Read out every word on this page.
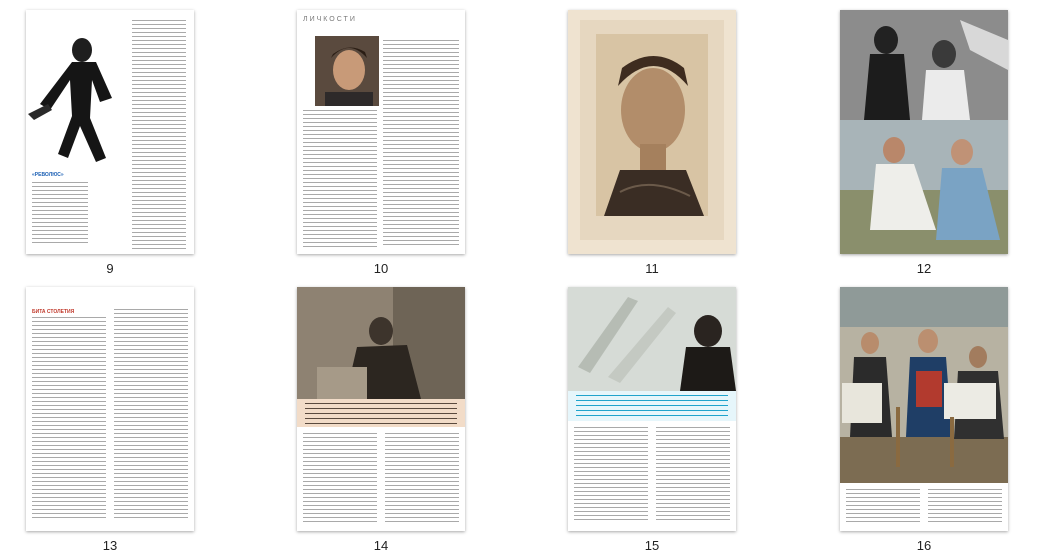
«РЕВОЛЮС»
9
ЛИЧКОСТИ
10	11	12
БИТА СТОЛЕТИЯ
13	14	15	16
